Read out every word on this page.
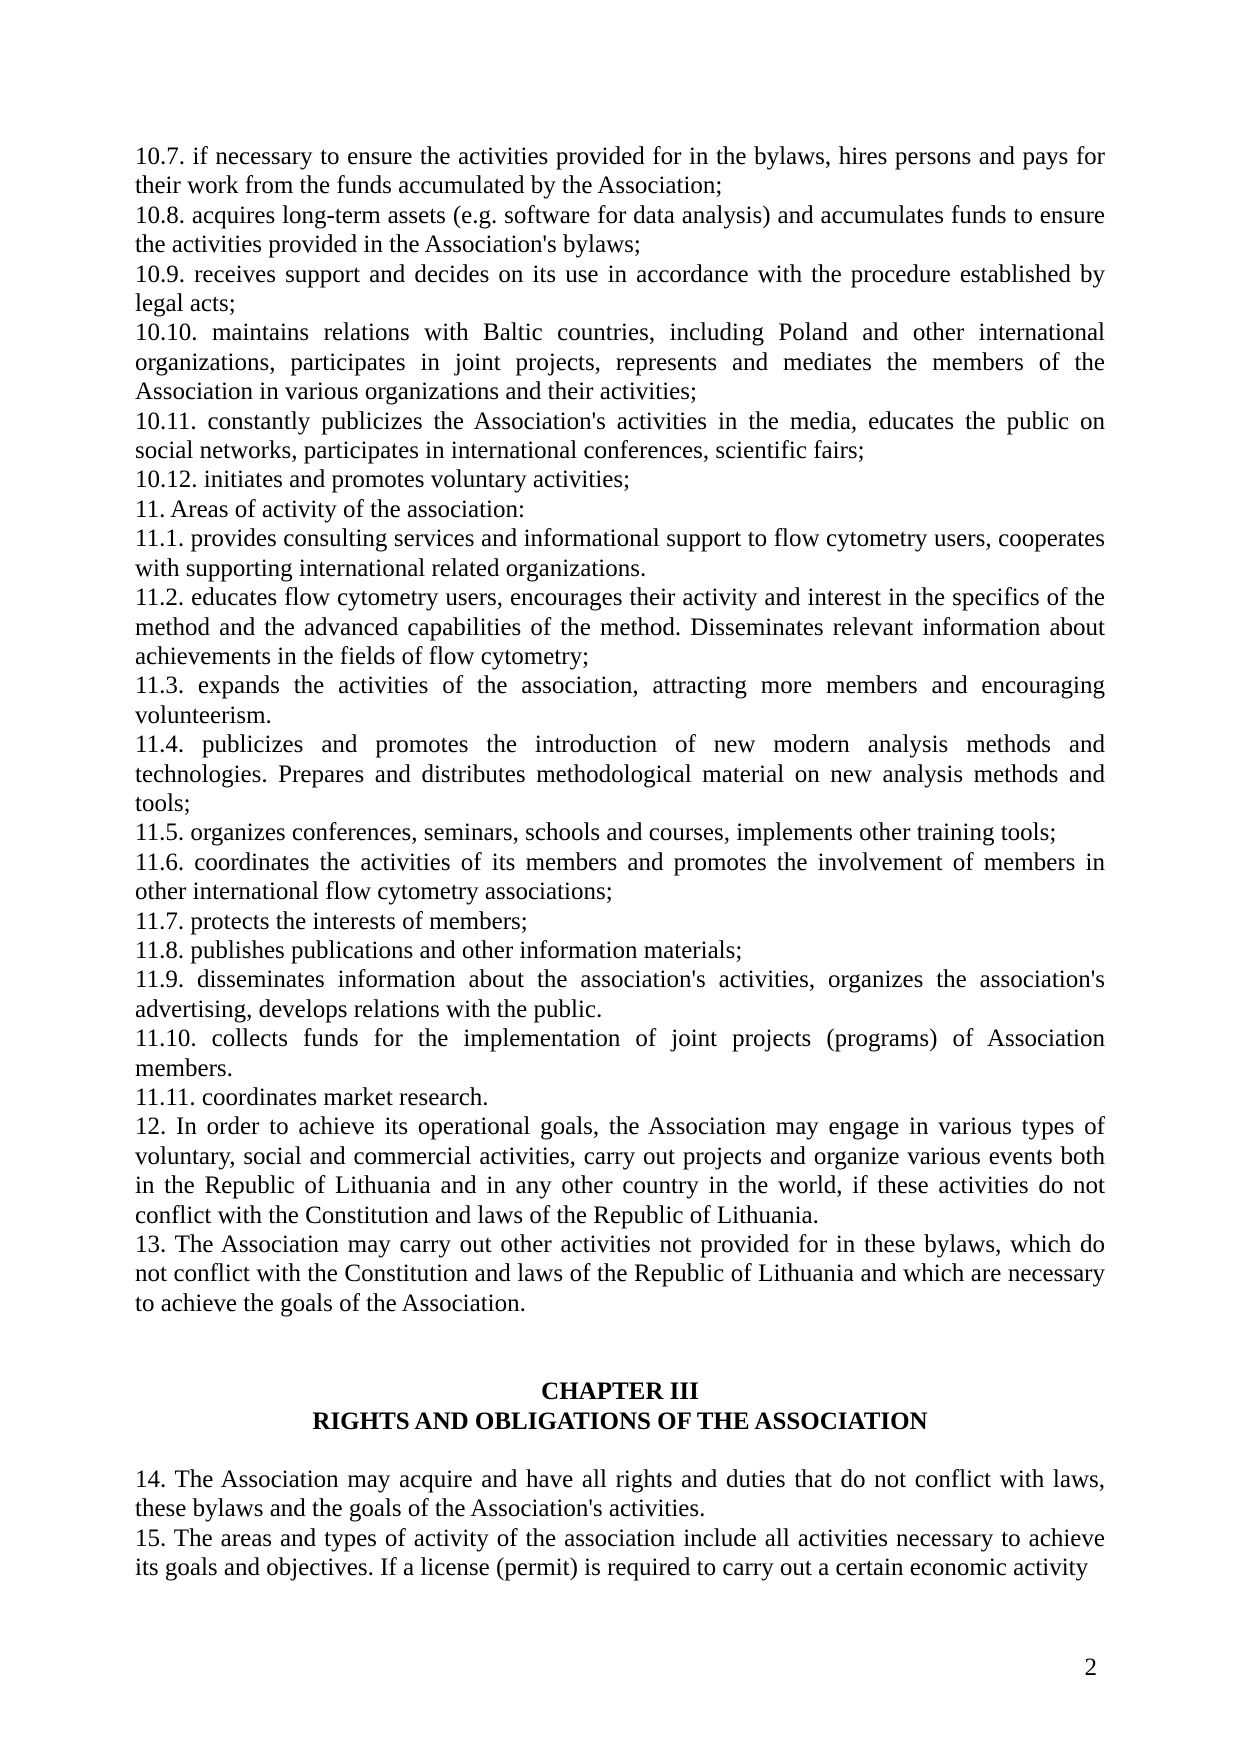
10.7. if necessary to ensure the activities provided for in the bylaws, hires persons and pays for their work from the funds accumulated by the Association;

10.8. acquires long-term assets (e.g. software for data analysis) and accumulates funds to ensure the activities provided in the Association's bylaws;

10.9. receives support and decides on its use in accordance with the procedure established by legal acts;

10.10. maintains relations with Baltic countries, including Poland and other international organizations, participates in joint projects, represents and mediates the members of the Association in various organizations and their activities;

10.11. constantly publicizes the Association's activities in the media, educates the public on social networks, participates in international conferences, scientific fairs;

10.12. initiates and promotes voluntary activities;

11. Areas of activity of the association:

11.1. provides consulting services and informational support to flow cytometry users, cooperates with supporting international related organizations.

11.2. educates flow cytometry users, encourages their activity and interest in the specifics of the method and the advanced capabilities of the method. Disseminates relevant information about achievements in the fields of flow cytometry;

11.3. expands the activities of the association, attracting more members and encouraging volunteerism.

11.4. publicizes and promotes the introduction of new modern analysis methods and technologies. Prepares and distributes methodological material on new analysis methods and tools;

11.5. organizes conferences, seminars, schools and courses, implements other training tools;

11.6. coordinates the activities of its members and promotes the involvement of members in other international flow cytometry associations;

11.7. protects the interests of members;

11.8. publishes publications and other information materials;

11.9. disseminates information about the association's activities, organizes the association's advertising, develops relations with the public.

11.10. collects funds for the implementation of joint projects (programs) of Association members.

11.11. coordinates market research.

12. In order to achieve its operational goals, the Association may engage in various types of voluntary, social and commercial activities, carry out projects and organize various events both in the Republic of Lithuania and in any other country in the world, if these activities do not conflict with the Constitution and laws of the Republic of Lithuania.

13. The Association may carry out other activities not provided for in these bylaws, which do not conflict with the Constitution and laws of the Republic of Lithuania and which are necessary to achieve the goals of the Association.

CHAPTER III
RIGHTS AND OBLIGATIONS OF THE ASSOCIATION

14. The Association may acquire and have all rights and duties that do not conflict with laws, these bylaws and the goals of the Association's activities.

15. The areas and types of activity of the association include all activities necessary to achieve its goals and objectives. If a license (permit) is required to carry out a certain economic activity

2
